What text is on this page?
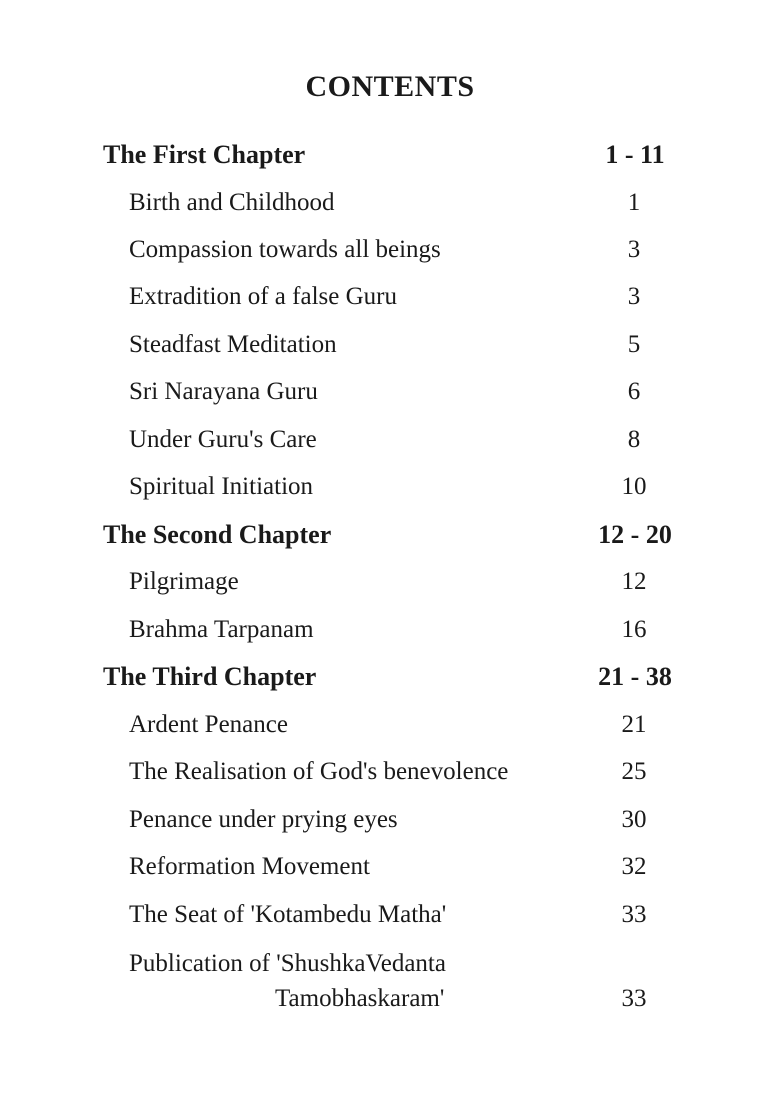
CONTENTS
The First Chapter	1 - 11
Birth and Childhood	1
Compassion towards all beings	3
Extradition of a false Guru	3
Steadfast Meditation	5
Sri Narayana Guru	6
Under Guru's Care	8
Spiritual Initiation	10
The Second Chapter	12 - 20
Pilgrimage	12
Brahma Tarpanam	16
The Third Chapter	21 - 38
Ardent Penance	21
The Realisation of God's benevolence	25
Penance under prying eyes	30
Reformation Movement	32
The Seat of 'Kotambedu Matha'	33
Publication of 'ShushkaVedanta
Tamobhaskaram'	33
